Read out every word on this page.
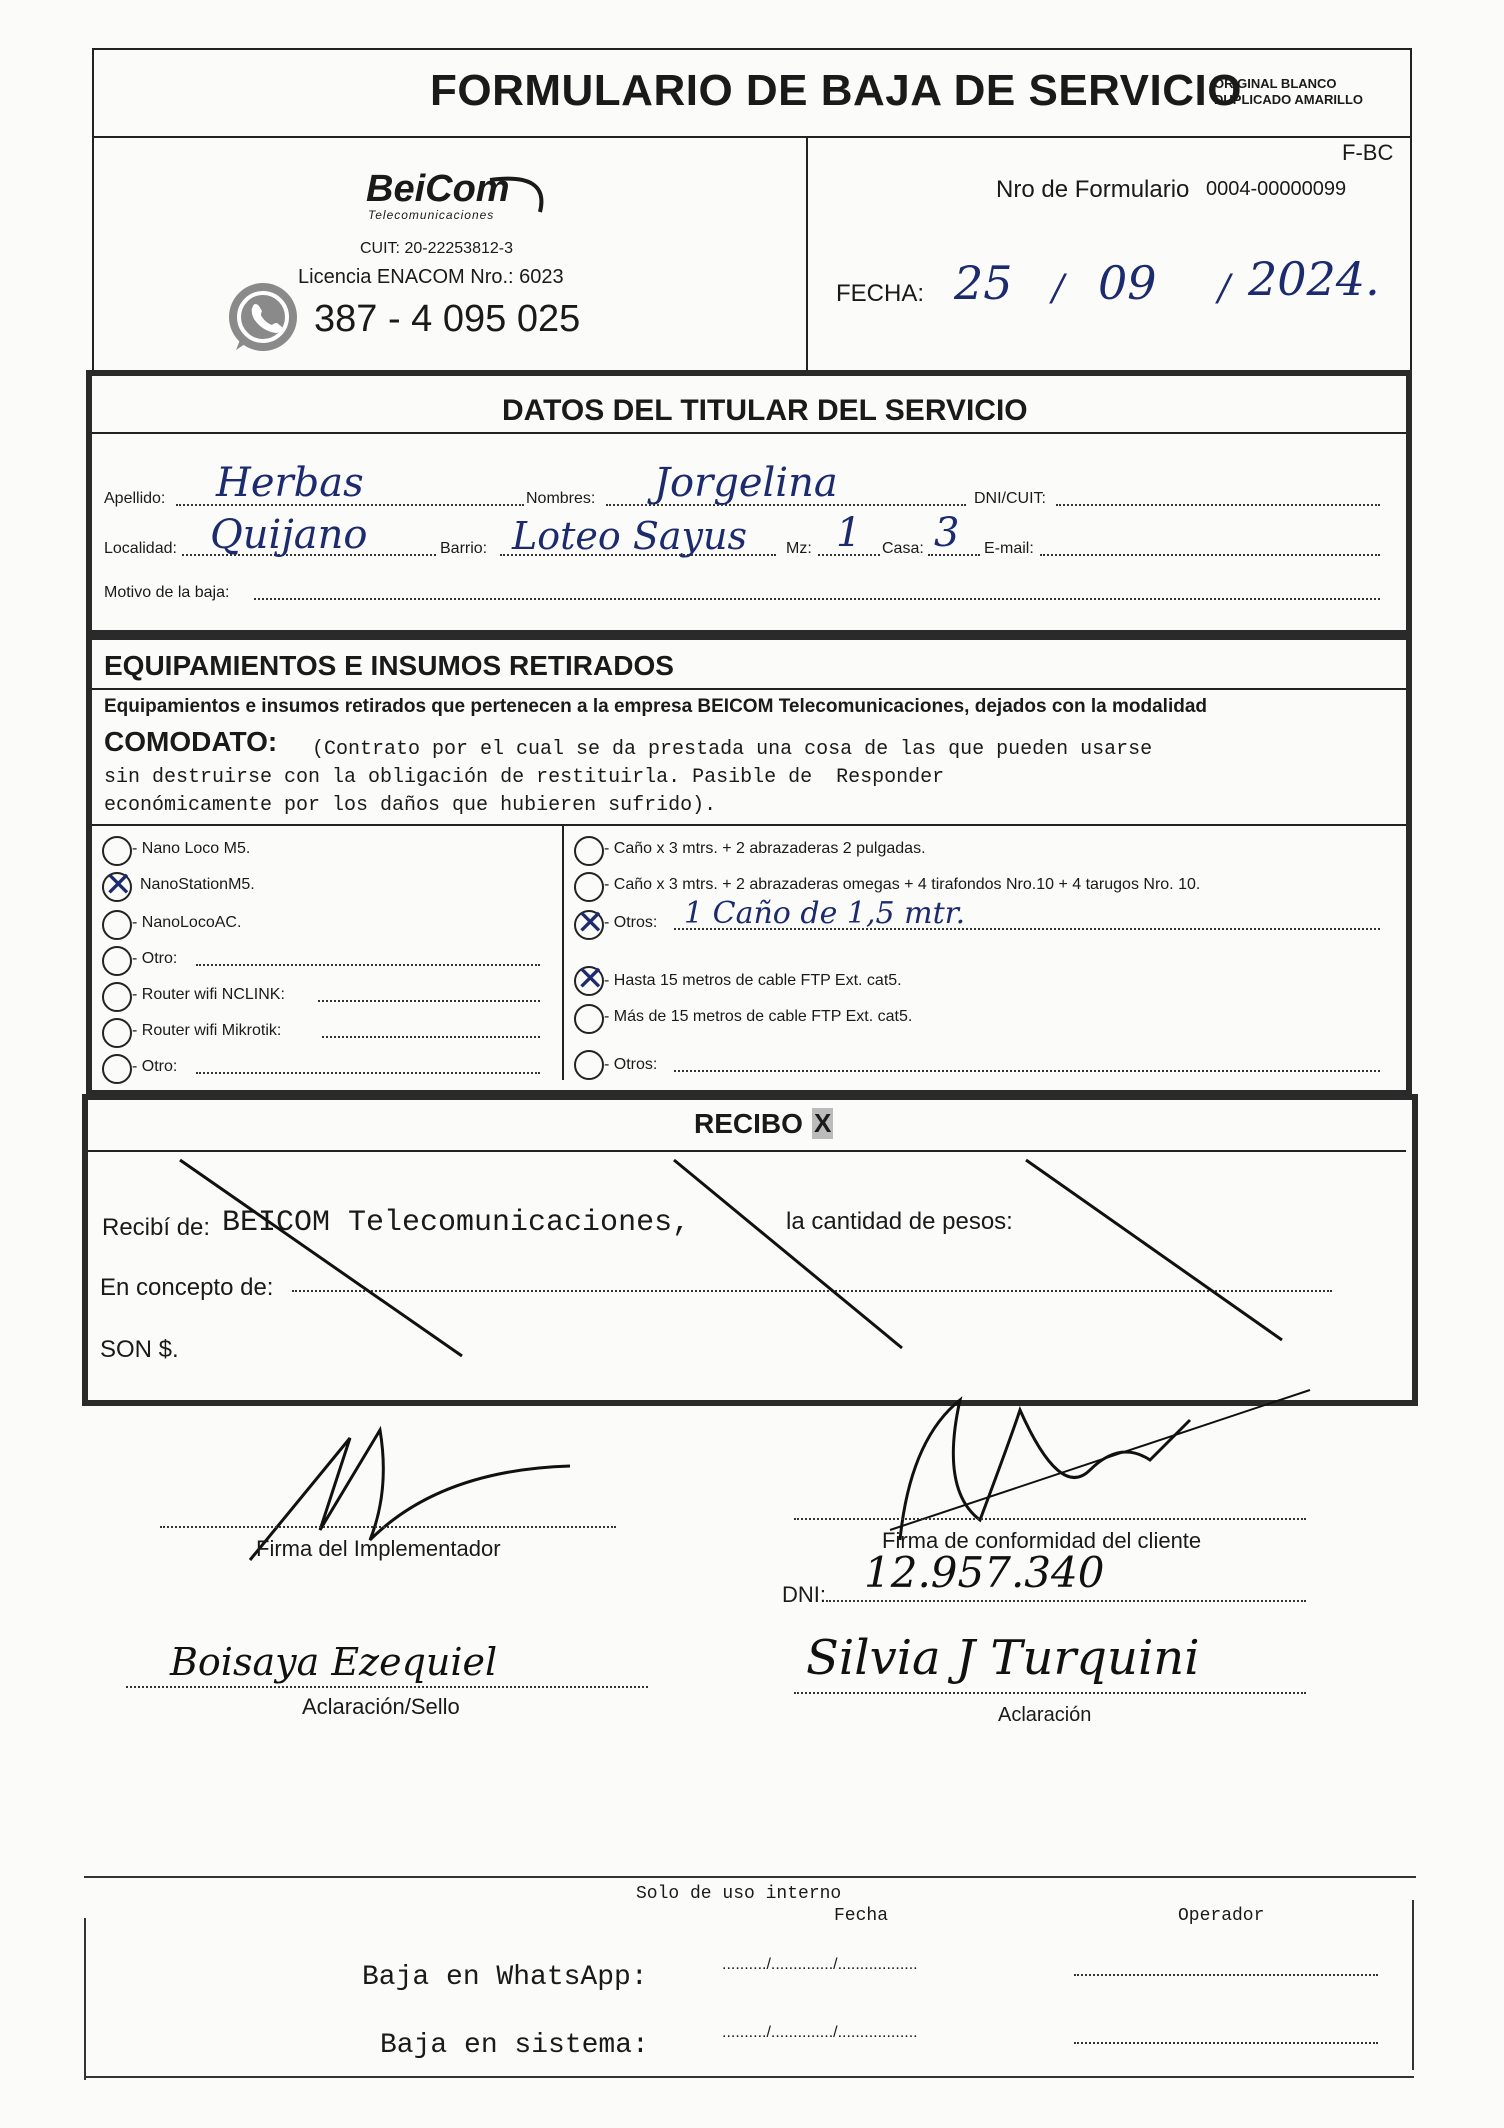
FORMULARIO DE BAJA DE SERVICIO
ORIGINAL BLANCO
DUPLICADO AMARILLO
BeiCom
Telecomunicaciones
CUIT: 20-22253812-3
Licencia ENACOM Nro.: 6023
387 - 4 095 025
F-BC
Nro de Formulario 0004-00000099
FECHA: 25 / 09 / 2024.
DATOS DEL TITULAR DEL SERVICIO
Apellido: Herbas	Nombres: Jorgelina	DNI/CUIT:
Localidad: Quijano	Barrio: Loteo Sayus Mz: 1 Casa: 3 E-mail:
Motivo de la baja:
EQUIPAMIENTOS E INSUMOS RETIRADOS
Equipamientos e insumos retirados que pertenecen a la empresa BEICOM Telecomunicaciones, dejados con la modalidad
COMODATO: (Contrato por el cual se da prestada una cosa de las que pueden usarse
sin destruirse con la obligación de restituirla. Pasible de  Responder
económicamente por los daños que hubieren sufrido).
- Nano Loco M5.
✕ NanoStationM5.
- NanoLocoAC.
- Otro:
- Router wifi NCLINK:
- Router wifi Mikrotik:
- Otro:
- Caño x 3 mtrs. + 2 abrazaderas 2 pulgadas.
- Caño x 3 mtrs. + 2 abrazaderas omegas + 4 tirafondos Nro.10 + 4 tarugos Nro. 10.
✕ - Otros: 1 Caño de 1,5 mtr.
✕ - Hasta 15 metros de cable FTP Ext. cat5.
- Más de 15 metros de cable FTP Ext. cat5.
- Otros:
RECIBO X
Recibí de: BEICOM Telecomunicaciones,	la cantidad de pesos:
En concepto de:
SON $.
Firma del Implementador
Boisaya Ezequiel
Aclaración/Sello
Firma de conformidad del cliente
DNI: 12.957.340
Silvia J Turquini
Aclaración
Solo de uso interno
Fecha	Operador
Baja en WhatsApp:	........../............../..................
Baja en sistema:	........../............../..................
